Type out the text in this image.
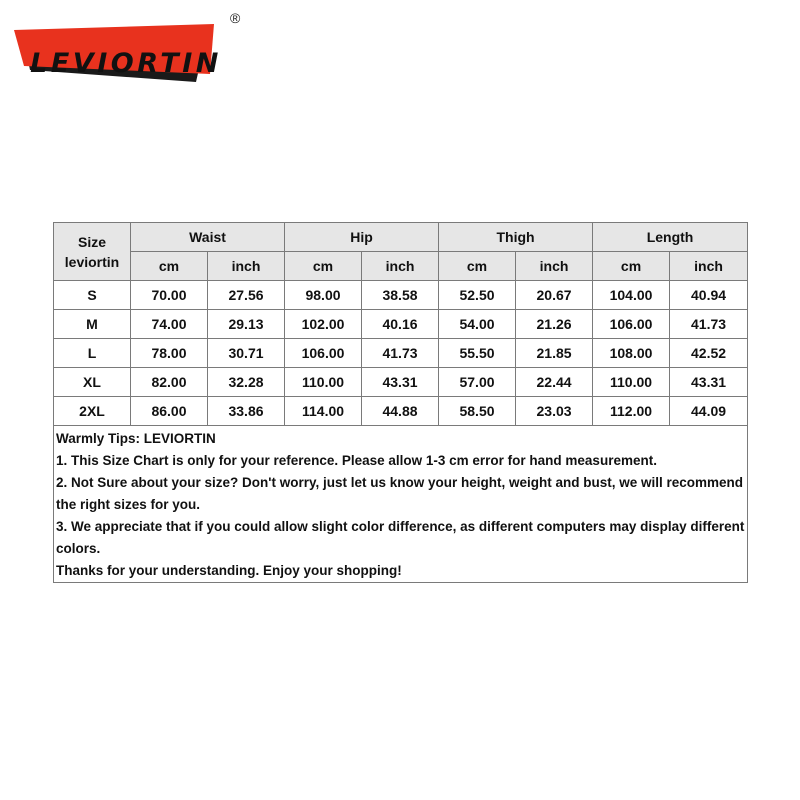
LEVIORTIN
®
Size
leviortin	Waist		Hip		Thigh		Length	
	cm	inch	cm	inch	cm	inch	cm	inch
S	70.00	27.56	98.00	38.58	52.50	20.67	104.00	40.94
M	74.00	29.13	102.00	40.16	54.00	21.26	106.00	41.73
L	78.00	30.71	106.00	41.73	55.50	21.85	108.00	42.52
XL	82.00	32.28	110.00	43.31	57.00	22.44	110.00	43.31
2XL	86.00	33.86	114.00	44.88	58.50	23.03	112.00	44.09

Warmly Tips: LEVIORTIN
1. This Size Chart is only for your reference. Please allow 1-3 cm error for hand measurement.
2. Not Sure about your size? Don't worry, just let us know your height, weight and bust, we will recommend the right sizes for you.
3. We appreciate that if you could allow slight color difference, as different computers may display different colors.
Thanks for your understanding. Enjoy your shopping!								
